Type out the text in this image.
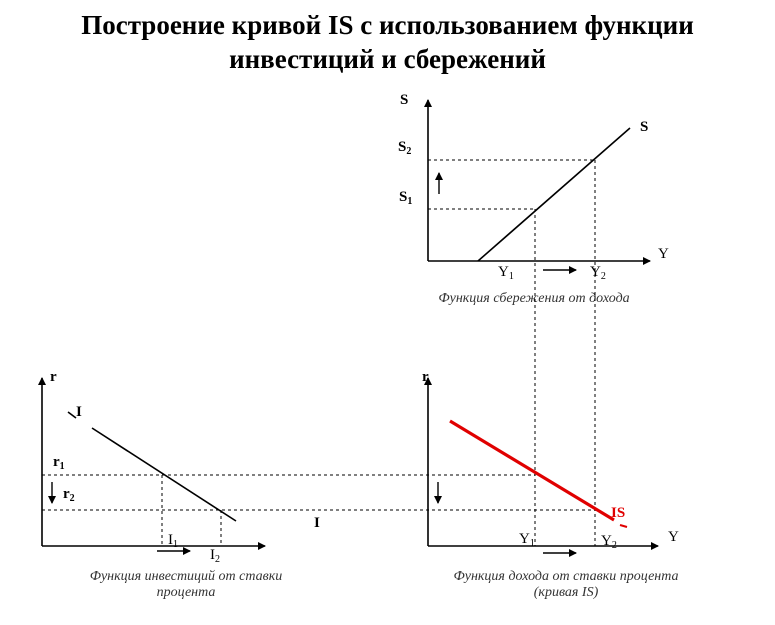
Построение кривой IS с использованием функции
инвестиций и сбережений
S
Y
S
$S_2$
$S_1$
$Y_1$	$Y_2$
Функция сбережения от дохода
r
I
$r_1$
$r_2$
$I_1$
$I_2$
I
Функция инвестиций от ставки
процента
r
Y
IS
$Y_1$	$Y_2$
Функция дохода от ставки процента
(кривая IS)
